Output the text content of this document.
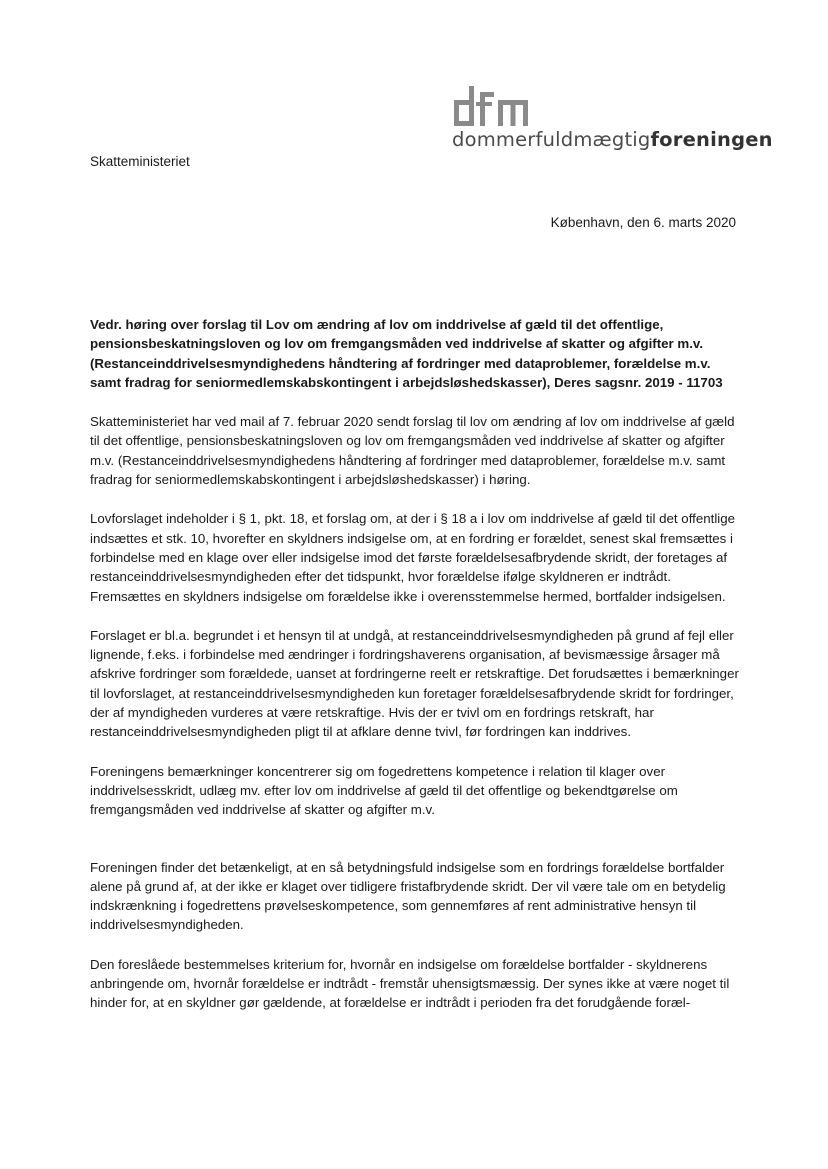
dommerfuldmægtigforeningen
Skatteministeriet
København, den 6. marts 2020

Vedr. høring over forslag til Lov om ændring af lov om inddrivelse af gæld til det offentlige, pensionsbeskatningsloven og lov om fremgangsmåden ved inddrivelse af skatter og afgifter m.v. (Restanceinddrivelsesmyndighedens håndtering af fordringer med dataproblemer, forældelse m.v. samt fradrag for seniormedlemskabskontingent i arbejdsløshedskasser), Deres sagsnr. 2019 - 11703

Skatteministeriet har ved mail af 7. februar 2020 sendt forslag til lov om ændring af lov om inddrivelse af gæld til det offentlige, pensionsbeskatningsloven og lov om fremgangsmåden ved inddrivelse af skatter og afgifter m.v. (Restanceinddrivelsesmyndighedens håndtering af fordringer med dataproblemer, forældelse m.v. samt fradrag for seniormedlemskabskontingent i arbejdsløshedskasser) i høring.

Lovforslaget indeholder i § 1, pkt. 18, et forslag om, at der i § 18 a i lov om inddrivelse af gæld til det offentlige indsættes et stk. 10, hvorefter en skyldners indsigelse om, at en fordring er forældet, senest skal fremsættes i forbindelse med en klage over eller indsigelse imod det første forældelsesafbrydende skridt, der foretages af restanceinddrivelsesmyndigheden efter det tidspunkt, hvor forældelse ifølge skyldneren er indtrådt. Fremsættes en skyldners indsigelse om forældelse ikke i overensstemmelse hermed, bortfalder indsigelsen.

Forslaget er bl.a. begrundet i et hensyn til at undgå, at restanceinddrivelsesmyndigheden på grund af fejl eller lignende, f.eks. i forbindelse med ændringer i fordringshaverens organisation, af bevismæssige årsager må afskrive fordringer som forældede, uanset at fordringerne reelt er retskraftige. Det forudsættes i bemærkninger til lovforslaget, at restanceinddrivelsesmyndigheden kun foretager forældelsesafbrydende skridt for fordringer, der af myndigheden vurderes at være retskraftige. Hvis der er tvivl om en fordrings retskraft, har restanceinddrivelsesmyndigheden pligt til at afklare denne tvivl, før fordringen kan inddrives.

Foreningens bemærkninger koncentrerer sig om fogedrettens kompetence i relation til klager over inddrivelsesskridt, udlæg mv. efter lov om inddrivelse af gæld til det offentlige og bekendtgørelse om fremgangsmåden ved inddrivelse af skatter og afgifter m.v.

Foreningen finder det betænkeligt, at en så betydningsfuld indsigelse som en fordrings forældelse bortfalder alene på grund af, at der ikke er klaget over tidligere fristafbrydende skridt. Der vil være tale om en betydelig indskrænkning i fogedrettens prøvelseskompetence, som gennemføres af rent administrative hensyn til inddrivelsesmyndigheden.

Den foreslåede bestemmelses kriterium for, hvornår en indsigelse om forældelse bortfalder - skyldnerens anbringende om, hvornår forældelse er indtrådt - fremstår uhensigtsmæssig. Der synes ikke at være noget til hinder for, at en skyldner gør gældende, at forældelse er indtrådt i perioden fra det forudgående foræl-
